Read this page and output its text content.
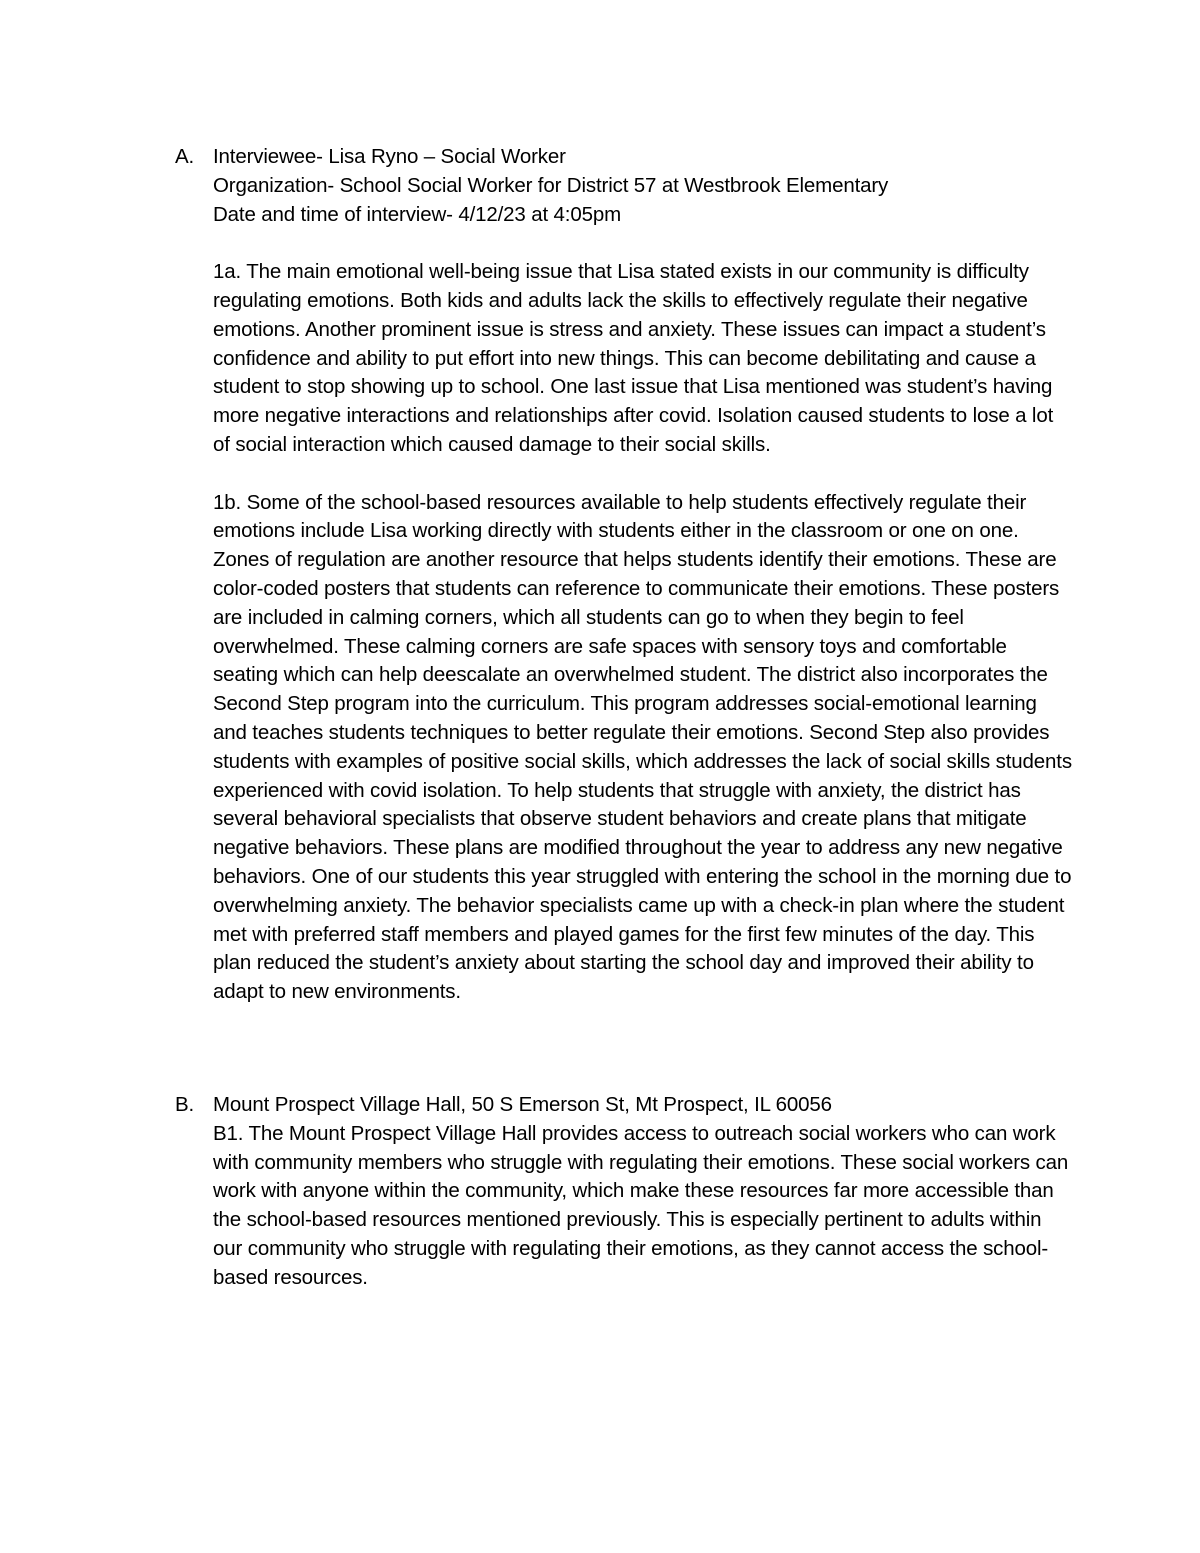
A. Interviewee- Lisa Ryno – Social Worker

Organization- School Social Worker for District 57 at Westbrook Elementary

Date and time of interview- 4/12/23 at 4:05pm

1a. The main emotional well-being issue that Lisa stated exists in our community is difficulty regulating emotions. Both kids and adults lack the skills to effectively regulate their negative emotions. Another prominent issue is stress and anxiety. These issues can impact a student’s confidence and ability to put effort into new things. This can become debilitating and cause a student to stop showing up to school. One last issue that Lisa mentioned was student’s having more negative interactions and relationships after covid. Isolation caused students to lose a lot of social interaction which caused damage to their social skills.

1b. Some of the school-based resources available to help students effectively regulate their emotions include Lisa working directly with students either in the classroom or one on one. Zones of regulation are another resource that helps students identify their emotions. These are color-coded posters that students can reference to communicate their emotions. These posters are included in calming corners, which all students can go to when they begin to feel overwhelmed. These calming corners are safe spaces with sensory toys and comfortable seating which can help deescalate an overwhelmed student. The district also incorporates the Second Step program into the curriculum. This program addresses social-emotional learning and teaches students techniques to better regulate their emotions. Second Step also provides students with examples of positive social skills, which addresses the lack of social skills students experienced with covid isolation. To help students that struggle with anxiety, the district has several behavioral specialists that observe student behaviors and create plans that mitigate negative behaviors. These plans are modified throughout the year to address any new negative behaviors. One of our students this year struggled with entering the school in the morning due to overwhelming anxiety. The behavior specialists came up with a check-in plan where the student met with preferred staff members and played games for the first few minutes of the day. This plan reduced the student’s anxiety about starting the school day and improved their ability to adapt to new environments.

B. Mount Prospect Village Hall, 50 S Emerson St, Mt Prospect, IL 60056

B1. The Mount Prospect Village Hall provides access to outreach social workers who can work with community members who struggle with regulating their emotions. These social workers can work with anyone within the community, which make these resources far more accessible than the school-based resources mentioned previously. This is especially pertinent to adults within our community who struggle with regulating their emotions, as they cannot access the school-based resources.
